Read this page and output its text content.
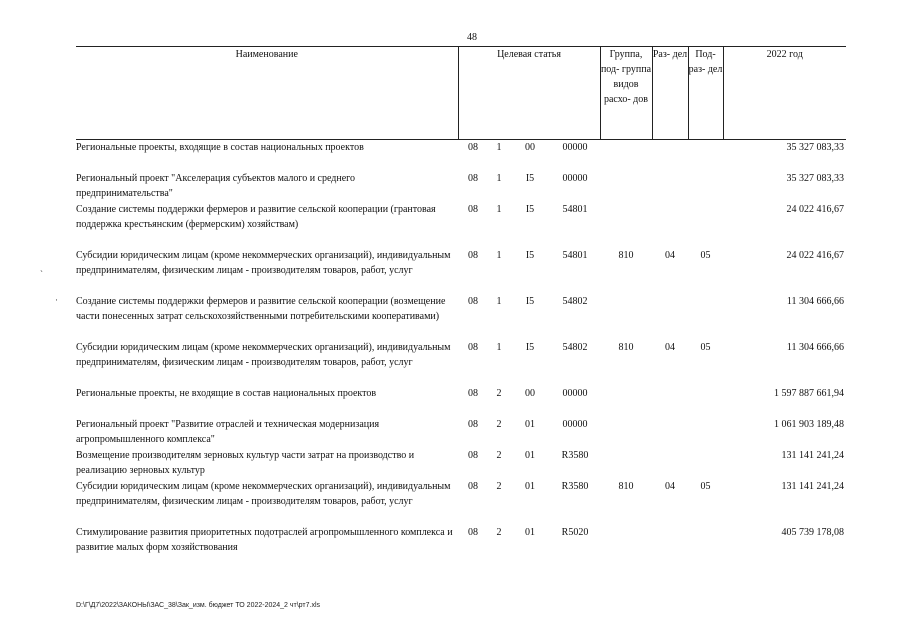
48
Наименование	Целевая статья				Группа, под- группа видов расхо- дов	Раз- дел	Под- раз- дел	2022 год
Региональные проекты, входящие в состав национальных проектов	08	1	00	00000				35 327 083,33
Региональный проект "Акселерация субъектов малого и среднего предпринимательства"	08	1	I5	00000				35 327 083,33
Создание системы поддержки фермеров и развитие сельской кооперации (грантовая поддержка крестьянским (фермерским) хозяйствам)	08	1	I5	54801				24 022 416,67
Субсидии юридическим лицам (кроме некоммерческих организаций), индивидуальным предпринимателям, физическим лицам - производителям товаров, работ, услуг	08	1	I5	54801	810	04	05	24 022 416,67
Создание системы поддержки фермеров и развитие сельской кооперации (возмещение части понесенных затрат сельскохозяйственными потребительскими кооперативами)	08	1	I5	54802				11 304 666,66
Субсидии юридическим лицам (кроме некоммерческих организаций), индивидуальным предпринимателям, физическим лицам - производителям товаров, работ, услуг	08	1	I5	54802	810	04	05	11 304 666,66
Региональные проекты, не входящие в состав национальных проектов	08	2	00	00000				1 597 887 661,94
Региональный проект "Развитие отраслей и техническая модернизация агропромышленного комплекса"	08	2	01	00000				1 061 903 189,48
Возмещение производителям зерновых культур части затрат на производство и реализацию зерновых культур	08	2	01	R3580				131 141 241,24
Субсидии юридическим лицам (кроме некоммерческих организаций), индивидуальным предпринимателям, физическим лицам - производителям товаров, работ, услуг	08	2	01	R3580	810	04	05	131 141 241,24
Стимулирование развития приоритетных подотраслей агропромышленного комплекса и развитие малых форм хозяйствования	08	2	01	R5020				405 739 178,08
ˏ
·
D:\Г\Д7\2022\ЗАКОНЫ\ЗАС_38\Зак_изм. бюджет ТО 2022-2024_2 чт\рт7.xls
